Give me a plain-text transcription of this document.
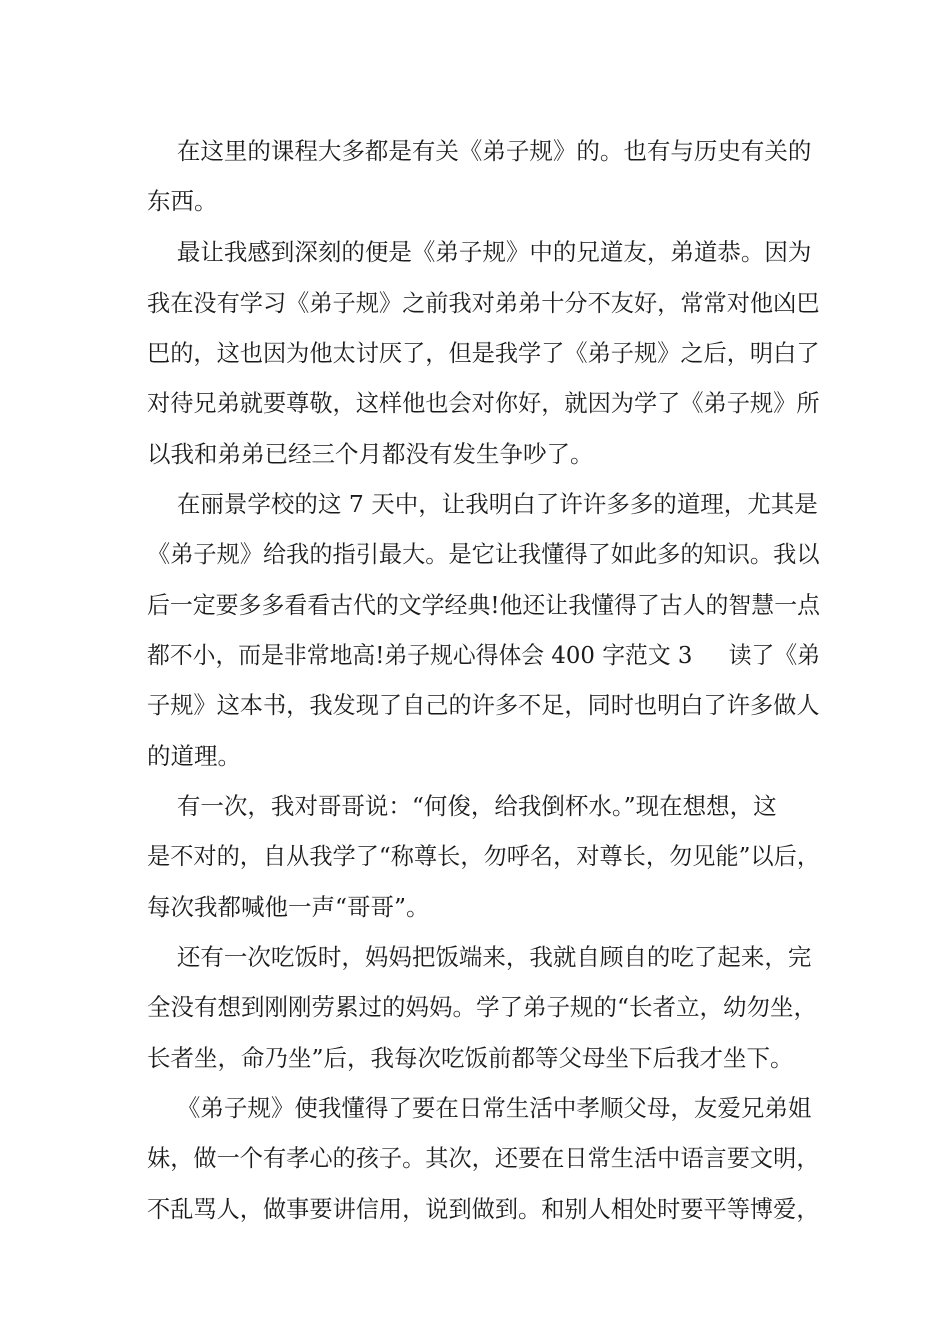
在这里的课程大多都是有关《弟子规》的。也有与历史有关的
东西。
最让我感到深刻的便是《弟子规》中的兄道友，弟道恭。因为
我在没有学习《弟子规》之前我对弟弟十分不友好，常常对他凶巴
巴的，这也因为他太讨厌了，但是我学了《弟子规》之后，明白了
对待兄弟就要尊敬，这样他也会对你好，就因为学了《弟子规》所
以我和弟弟已经三个月都没有发生争吵了。
在丽景学校的这 7 天中，让我明白了许许多多的道理，尤其是
《弟子规》给我的指引最大。是它让我懂得了如此多的知识。我以
后一定要多多看看古代的文学经典!他还让我懂得了古人的智慧一点
都不小，而是非常地高!弟子规心得体会 400 字范文 3     读了《弟
子规》这本书，我发现了自己的许多不足，同时也明白了许多做人
的道理。
有一次，我对哥哥说：“何俊，给我倒杯水。”现在想想，这
是不对的，自从我学了“称尊长，勿呼名，对尊长，勿见能”以后，
每次我都喊他一声“哥哥”。
还有一次吃饭时，妈妈把饭端来，我就自顾自的吃了起来，完
全没有想到刚刚劳累过的妈妈。学了弟子规的“长者立，幼勿坐，
长者坐，命乃坐”后，我每次吃饭前都等父母坐下后我才坐下。
《弟子规》使我懂得了要在日常生活中孝顺父母，友爱兄弟姐
妹，做一个有孝心的孩子。其次，还要在日常生活中语言要文明，
不乱骂人，做事要讲信用，说到做到。和别人相处时要平等博爱，
